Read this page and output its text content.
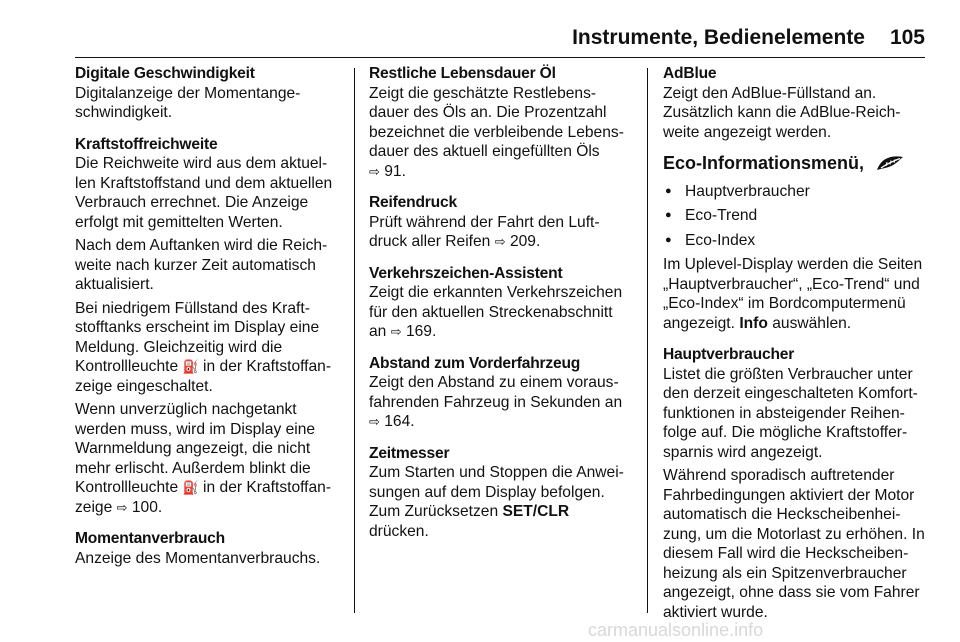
Instrumente, Bedienelemente 105
Digitale Geschwindigkeit
Digitalanzeige der Momentange-
schwindigkeit.
Kraftstoffreichweite
Die Reichweite wird aus dem aktuel-
len Kraftstoffstand und dem aktuellen
Verbrauch errechnet. Die Anzeige
erfolgt mit gemittelten Werten.
Nach dem Auftanken wird die Reich-
weite nach kurzer Zeit automatisch
aktualisiert.
Bei niedrigem Füllstand des Kraft-
stofftanks erscheint im Display eine
Meldung. Gleichzeitig wird die
Kontrollleuchte ⛽ in der Kraftstoffan-
zeige eingeschaltet.
Wenn unverzüglich nachgetankt
werden muss, wird im Display eine
Warnmeldung angezeigt, die nicht
mehr erlischt. Außerdem blinkt die
Kontrollleuchte ⛽ in der Kraftstoffan-
zeige ⇨ 100.
Momentanverbrauch
Anzeige des Momentanverbrauchs.
Restliche Lebensdauer Öl
Zeigt die geschätzte Restlebens-
dauer des Öls an. Die Prozentzahl
bezeichnet die verbleibende Lebens-
dauer des aktuell eingefüllten Öls
⇨ 91.
Reifendruck
Prüft während der Fahrt den Luft-
druck aller Reifen ⇨ 209.
Verkehrszeichen-Assistent
Zeigt die erkannten Verkehrszeichen
für den aktuellen Streckenabschnitt
an ⇨ 169.
Abstand zum Vorderfahrzeug
Zeigt den Abstand zu einem voraus-
fahrenden Fahrzeug in Sekunden an
⇨ 164.
Zeitmesser
Zum Starten und Stoppen die Anwei-
sungen auf dem Display befolgen.
Zum Zurücksetzen SET/CLR
drücken.
AdBlue
Zeigt den AdBlue-Füllstand an.
Zusätzlich kann die AdBlue-Reich-
weite angezeigt werden.
Eco-Informationsmenü,
● Hauptverbraucher
● Eco-Trend
● Eco-Index
Im Uplevel-Display werden die Seiten
„Hauptverbraucher“, „Eco-Trend“ und
„Eco-Index“ im Bordcomputermenü
angezeigt. Info auswählen.
Hauptverbraucher
Listet die größten Verbraucher unter
den derzeit eingeschalteten Komfort-
funktionen in absteigender Reihen-
folge auf. Die mögliche Kraftstoffer-
sparnis wird angezeigt.
Während sporadisch auftretender
Fahrbedingungen aktiviert der Motor
automatisch die Heckscheibenhei-
zung, um die Motorlast zu erhöhen. In
diesem Fall wird die Heckscheiben-
heizung als ein Spitzenverbraucher
angezeigt, ohne dass sie vom Fahrer
aktiviert wurde.
carmanualsonline.info
